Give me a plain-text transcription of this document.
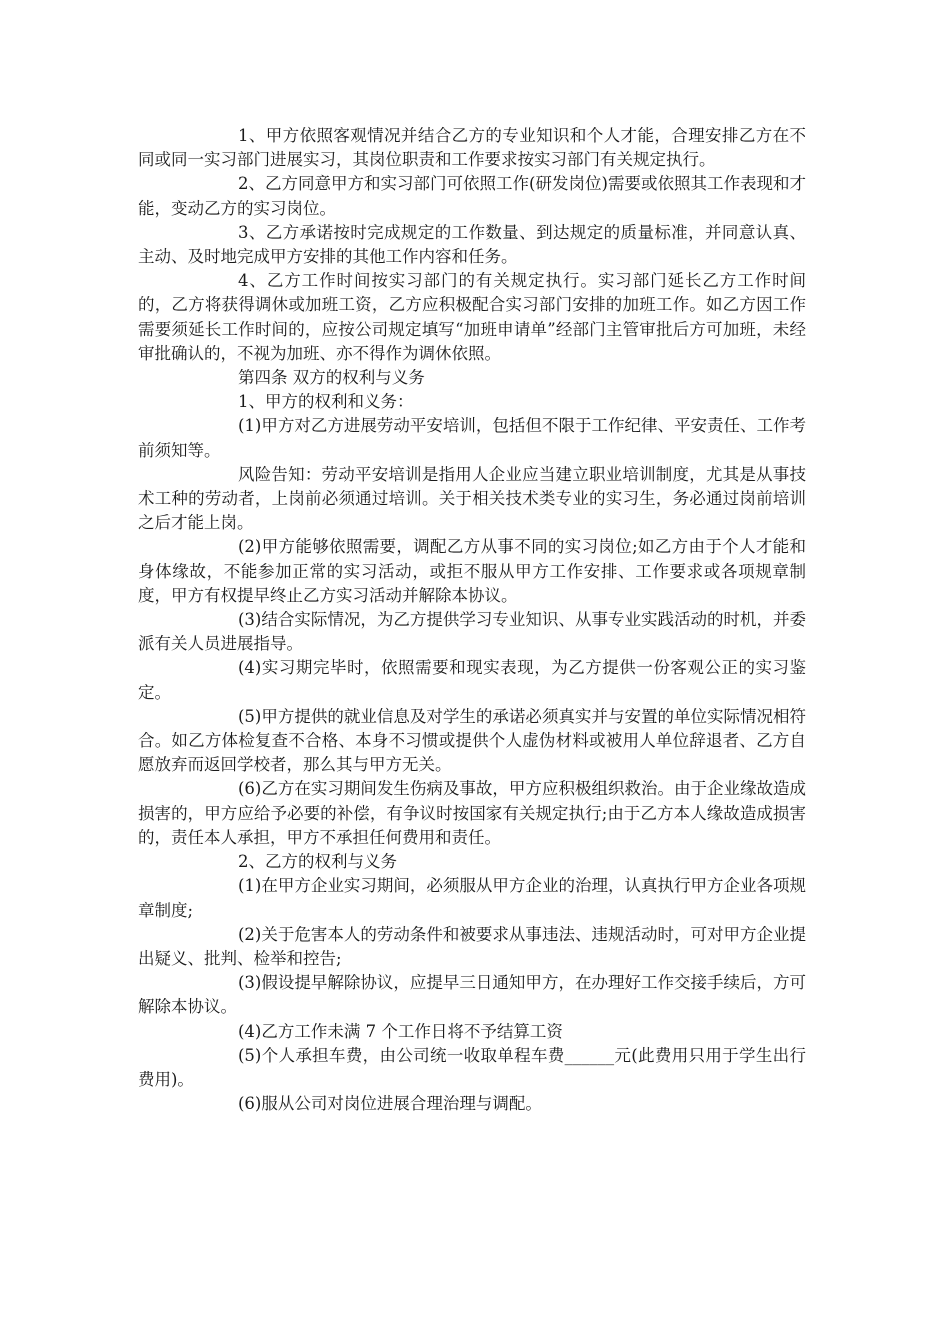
1、甲方依照客观情况并结合乙方的专业知识和个人才能，合理安排乙方在不同或同一实习部门进展实习，其岗位职责和工作要求按实习部门有关规定执行。

2、乙方同意甲方和实习部门可依照工作(研发岗位)需要或依照其工作表现和才能，变动乙方的实习岗位。

3、乙方承诺按时完成规定的工作数量、到达规定的质量标准，并同意认真、主动、及时地完成甲方安排的其他工作内容和任务。

4、乙方工作时间按实习部门的有关规定执行。实习部门延长乙方工作时间的，乙方将获得调休或加班工资，乙方应积极配合实习部门安排的加班工作。如乙方因工作需要须延长工作时间的，应按公司规定填写“加班申请单”经部门主管审批后方可加班，未经审批确认的，不视为加班、亦不得作为调休依照。

第四条 双方的权利与义务

1、甲方的权利和义务：

(1)甲方对乙方进展劳动平安培训，包括但不限于工作纪律、平安责任、工作考前须知等。

风险告知：劳动平安培训是指用人企业应当建立职业培训制度，尤其是从事技术工种的劳动者，上岗前必须通过培训。关于相关技术类专业的实习生，务必通过岗前培训之后才能上岗。

(2)甲方能够依照需要，调配乙方从事不同的实习岗位;如乙方由于个人才能和身体缘故，不能参加正常的实习活动，或拒不服从甲方工作安排、工作要求或各项规章制度，甲方有权提早终止乙方实习活动并解除本协议。

(3)结合实际情况，为乙方提供学习专业知识、从事专业实践活动的时机，并委派有关人员进展指导。

(4)实习期完毕时，依照需要和现实表现，为乙方提供一份客观公正的实习鉴定。

(5)甲方提供的就业信息及对学生的承诺必须真实并与安置的单位实际情况相符合。如乙方体检复查不合格、本身不习惯或提供个人虚伪材料或被用人单位辞退者、乙方自愿放弃而返回学校者，那么其与甲方无关。

(6)乙方在实习期间发生伤病及事故，甲方应积极组织救治。由于企业缘故造成损害的，甲方应给予必要的补偿，有争议时按国家有关规定执行;由于乙方本人缘故造成损害的，责任本人承担，甲方不承担任何费用和责任。

2、乙方的权利与义务

(1)在甲方企业实习期间，必须服从甲方企业的治理，认真执行甲方企业各项规章制度;

(2)关于危害本人的劳动条件和被要求从事违法、违规活动时，可对甲方企业提出疑义、批判、检举和控告;

(3)假设提早解除协议，应提早三日通知甲方，在办理好工作交接手续后，方可解除本协议。

(4)乙方工作未满 7 个工作日将不予结算工资

(5)个人承担车费，由公司统一收取单程车费______元(此费用只用于学生出行费用)。

(6)服从公司对岗位进展合理治理与调配。
